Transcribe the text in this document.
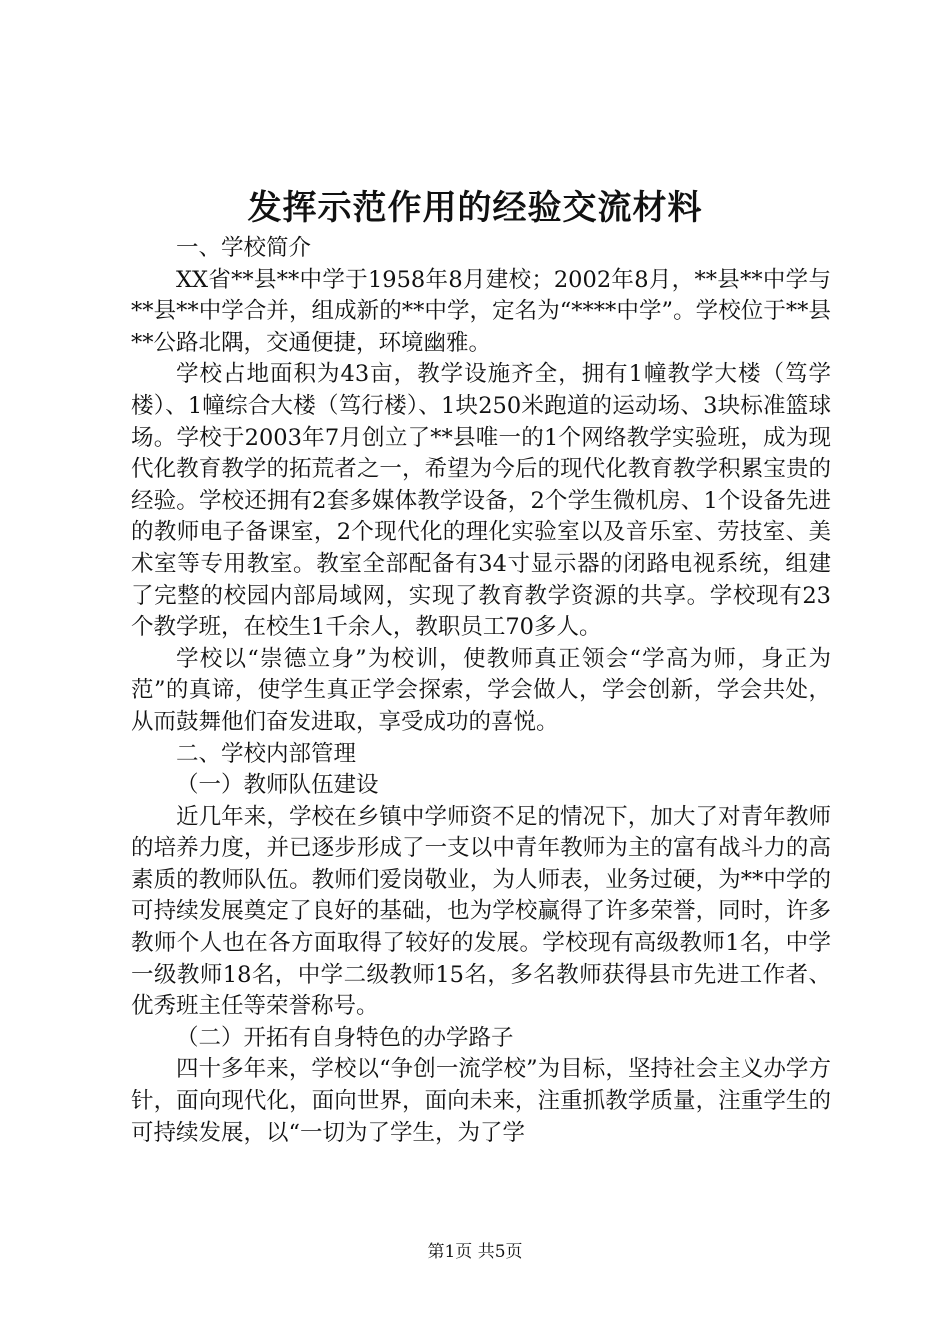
发挥示范作用的经验交流材料

一、学校简介

XX省**县**中学于1958年8月建校；2002年8月，**县**中学与**县**中学合并，组成新的**中学，定名为“****中学”。学校位于**县**公路北隅，交通便捷，环境幽雅。

学校占地面积为43亩，教学设施齐全，拥有1幢教学大楼（笃学楼）、1幢综合大楼（笃行楼）、1块250米跑道的运动场、3块标准篮球场。学校于2003年7月创立了**县唯一的1个网络教学实验班，成为现代化教育教学的拓荒者之一，希望为今后的现代化教育教学积累宝贵的经验。学校还拥有2套多媒体教学设备，2个学生微机房、1个设备先进的教师电子备课室，2个现代化的理化实验室以及音乐室、劳技室、美术室等专用教室。教室全部配备有34寸显示器的闭路电视系统，组建了完整的校园内部局域网，实现了教育教学资源的共享。学校现有23个教学班，在校生1千余人，教职员工70多人。

学校以“崇德立身”为校训，使教师真正领会“学高为师，身正为范”的真谛，使学生真正学会探索，学会做人，学会创新，学会共处，从而鼓舞他们奋发进取，享受成功的喜悦。

二、学校内部管理

（一）教师队伍建设

近几年来，学校在乡镇中学师资不足的情况下，加大了对青年教师的培养力度，并已逐步形成了一支以中青年教师为主的富有战斗力的高素质的教师队伍。教师们爱岗敬业，为人师表，业务过硬，为**中学的可持续发展奠定了良好的基础，也为学校赢得了许多荣誉，同时，许多教师个人也在各方面取得了较好的发展。学校现有高级教师1名，中学一级教师18名，中学二级教师15名，多名教师获得县市先进工作者、优秀班主任等荣誉称号。

（二）开拓有自身特色的办学路子

四十多年来，学校以“争创一流学校”为目标，坚持社会主义办学方针，面向现代化，面向世界，面向未来，注重抓教学质量，注重学生的可持续发展，以“一切为了学生，为了学

第1页 共5页
